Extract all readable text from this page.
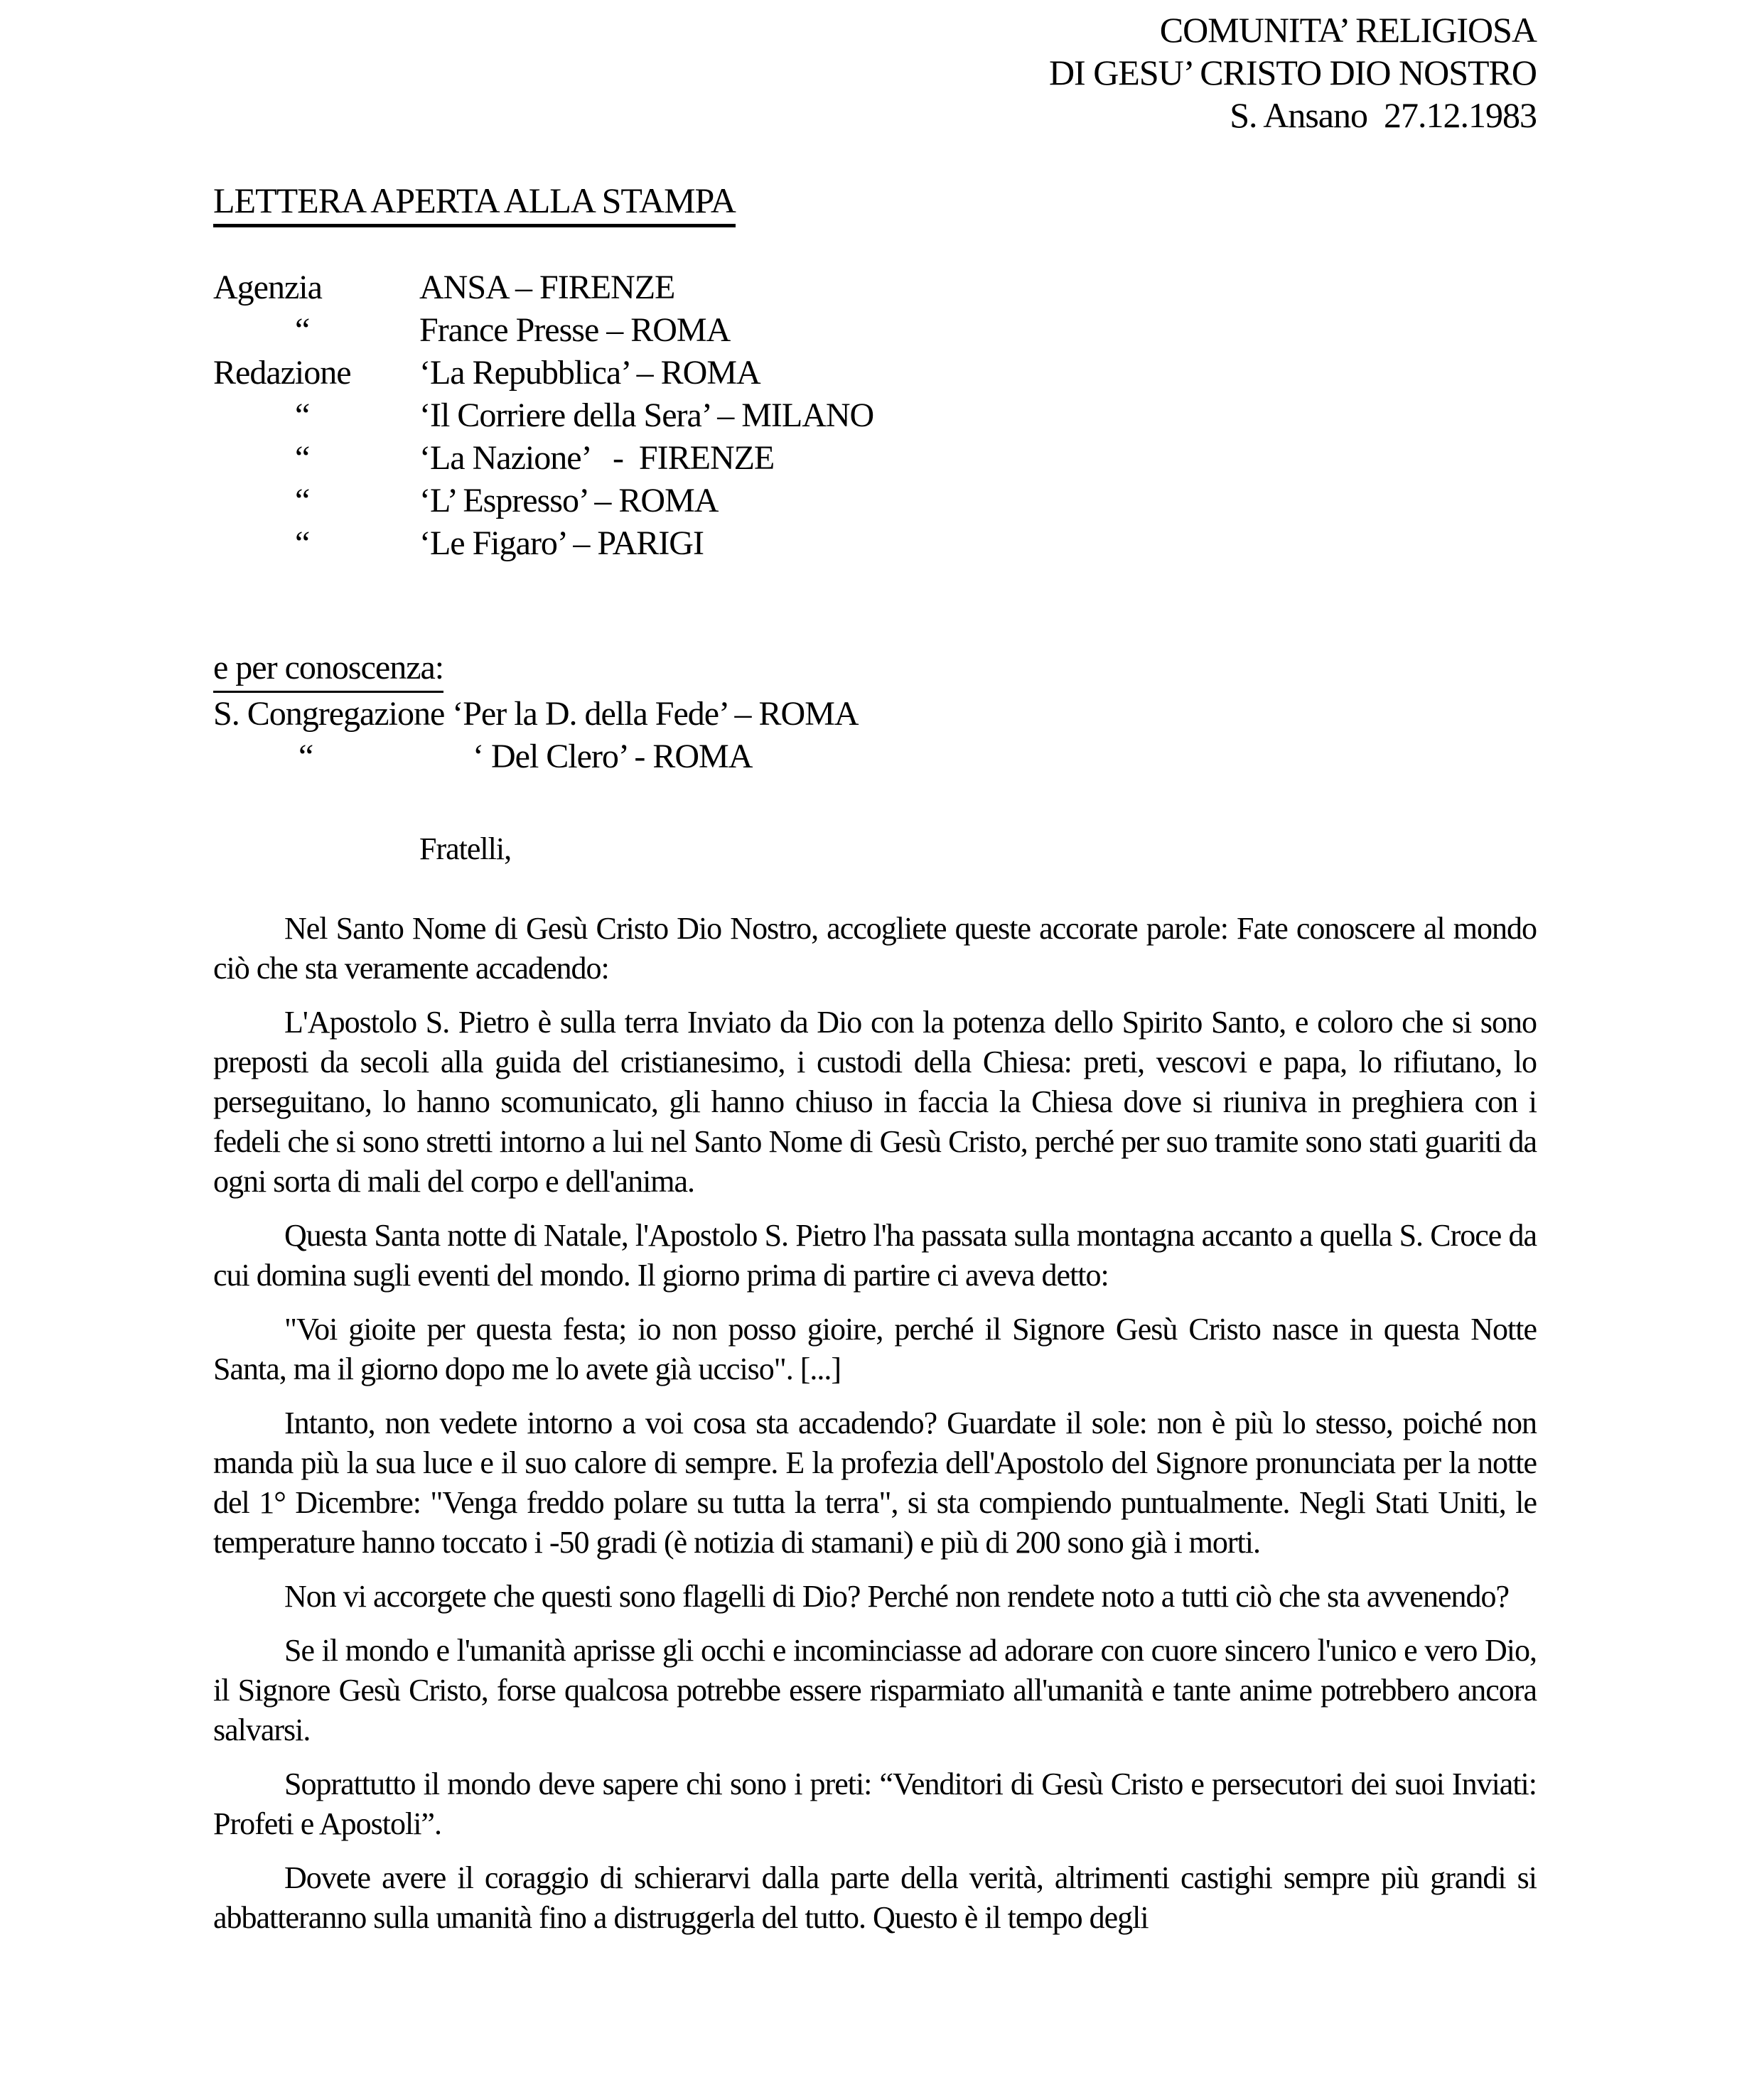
COMUNITA’ RELIGIOSA
DI GESU’ CRISTO DIO NOSTRO
S. Ansano  27.12.1983
LETTERA APERTA ALLA STAMPA
Agenzia	ANSA – FIRENZE
“	France Presse – ROMA
Redazione	‘La Repubblica’ – ROMA
“	‘Il Corriere della Sera’ – MILANO
“	‘La Nazione’   -  FIRENZE
“	‘L’ Espresso’ – ROMA
“	‘Le Figaro’ – PARIGI
e per conoscenza:
S. Congregazione ‘Per la D. della Fede’ – ROMA
“	‘ Del Clero’ - ROMA
Fratelli,

Nel Santo Nome di Gesù Cristo Dio Nostro, accogliete queste accorate parole: Fate conoscere al mondo ciò che sta veramente accadendo:

L'Apostolo S. Pietro è sulla terra Inviato da Dio con la potenza dello Spirito Santo, e coloro che si sono preposti da secoli alla guida del cristianesimo, i custodi della Chiesa: preti, vescovi e papa, lo rifiutano, lo perseguitano, lo hanno scomunicato, gli hanno chiuso in faccia la Chiesa dove si riuniva in preghiera con i fedeli che si sono stretti intorno a lui nel Santo Nome di Gesù Cristo, perché per suo tramite sono stati guariti da ogni sorta di mali del corpo e dell'anima.

Questa Santa notte di Natale, l'Apostolo S. Pietro l'ha passata sulla montagna accanto a quella S. Croce da cui domina sugli eventi del mondo. Il giorno prima di partire ci aveva detto:

"Voi gioite per questa festa; io non posso gioire, perché il Signore Gesù Cristo nasce in questa Notte Santa, ma il giorno dopo me lo avete già ucciso". [...]

Intanto, non vedete intorno a voi cosa sta accadendo? Guardate il sole: non è più lo stesso, poiché non manda più la sua luce e il suo calore di sempre. E la profezia dell'Apostolo del Signore pronunciata per la notte del 1° Dicembre: "Venga freddo polare su tutta la terra", si sta compiendo puntualmente. Negli Stati Uniti, le temperature hanno toccato i -50 gradi (è notizia di stamani) e più di 200 sono già i morti.

Non vi accorgete che questi sono flagelli di Dio? Perché non rendete noto a tutti ciò che sta avvenendo?

Se il mondo e l'umanità aprisse gli occhi e incominciasse ad adorare con cuore sincero l'unico e vero Dio, il Signore Gesù Cristo, forse qualcosa potrebbe essere risparmiato all'umanità e tante anime potrebbero ancora salvarsi.

Soprattutto il mondo deve sapere chi sono i preti: “Venditori di Gesù Cristo e persecutori dei suoi Inviati: Profeti e Apostoli”.

Dovete avere il coraggio di schierarvi dalla parte della verità, altrimenti castighi sempre più grandi si abbatteranno sulla umanità fino a distruggerla del tutto. Questo è il tempo degli
